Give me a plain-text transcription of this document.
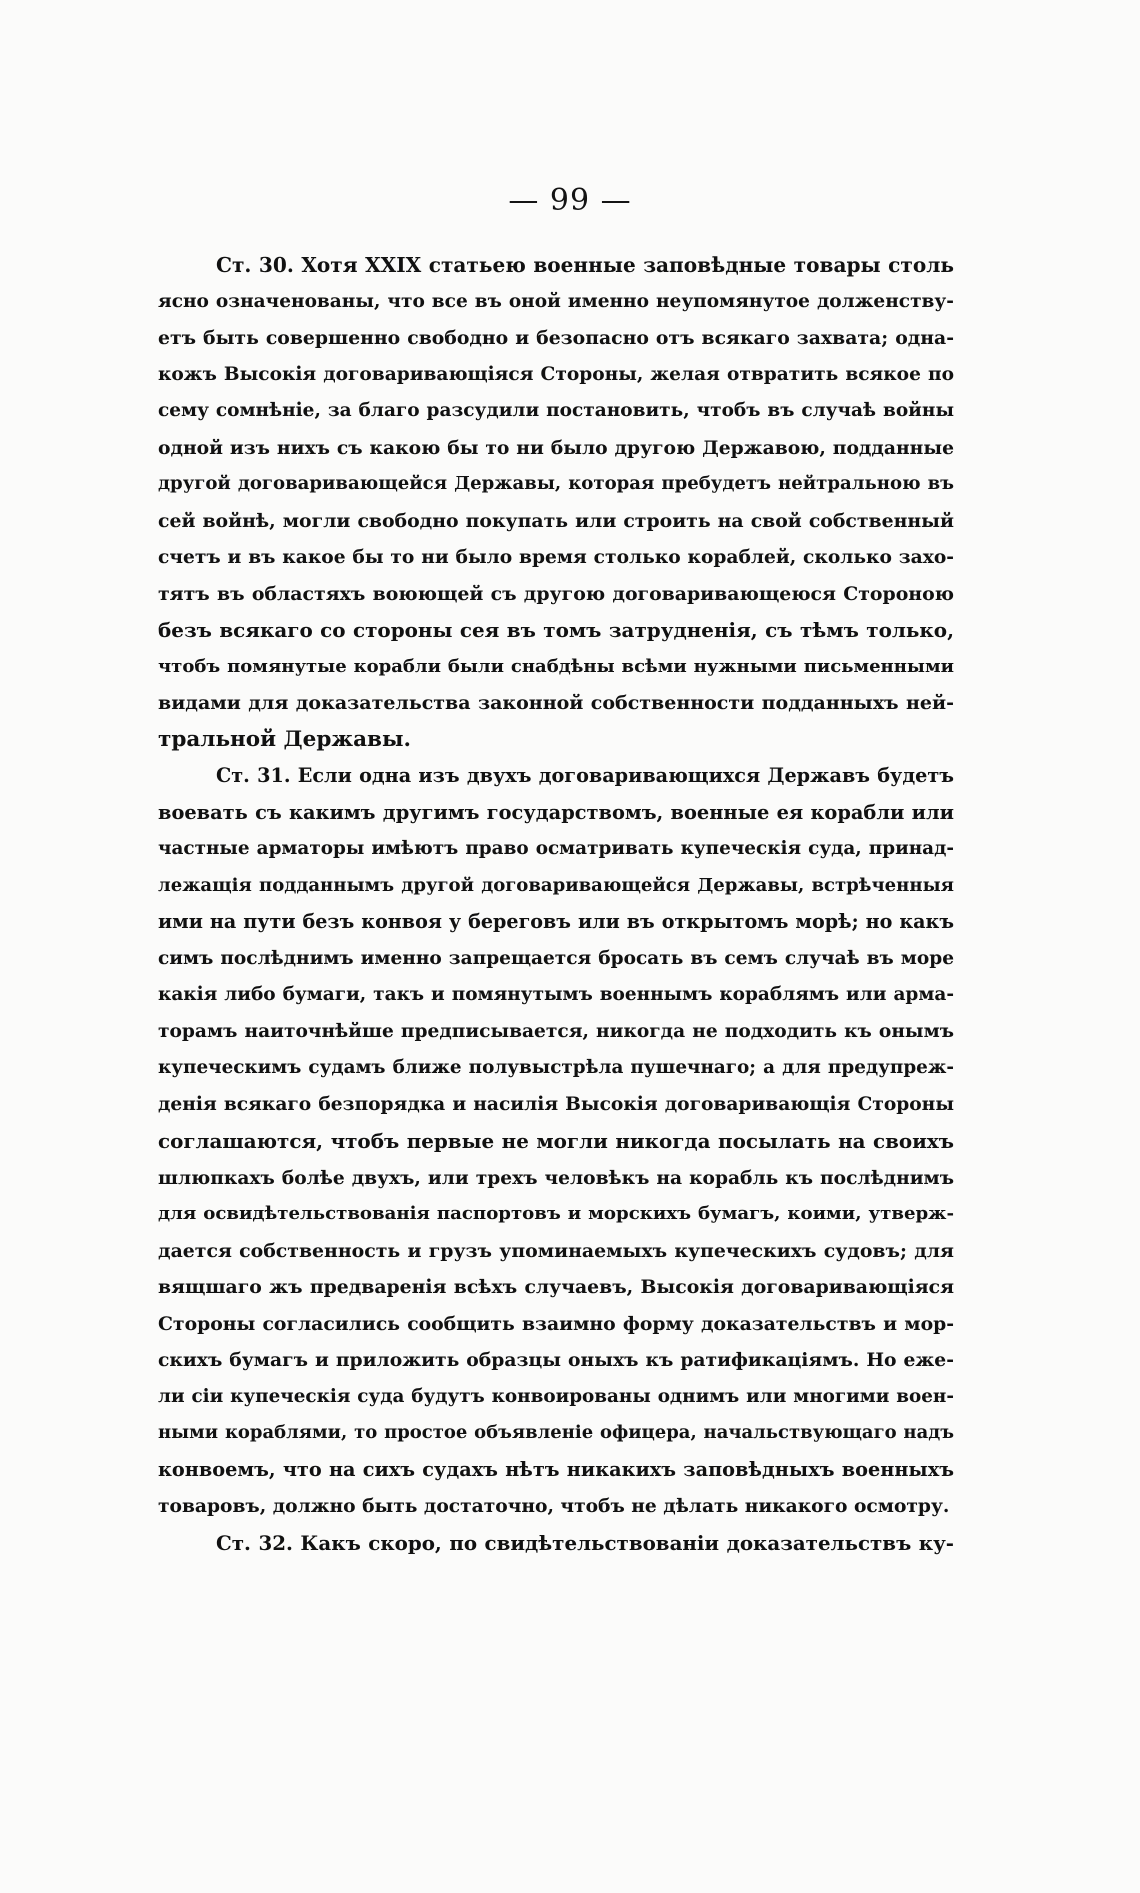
— 99 —
Ст. 30. Хотя XXIX статьею военные заповѣдные товары столь
ясно означенованы, что все въ оной именно неупомянутое долженству-
етъ быть совершенно свободно и безопасно отъ всякаго захвата; одна-
кожъ Высокія договаривающіяся Стороны, желая отвратить всякое по
сему сомнѣніе, за благо разсудили постановить, чтобъ въ случаѣ войны
одной изъ нихъ съ какою бы то ни было другою Державою, подданные
другой договаривающейся Державы, которая пребудетъ нейтральною въ
сей войнѣ, могли свободно покупать или строить на свой собственный
счетъ и въ какое бы то ни было время столько кораблей, сколько захо-
тятъ въ областяхъ воюющей съ другою договаривающеюся Стороною
безъ всякаго со стороны сея въ томъ затрудненія, съ тѣмъ только,
чтобъ помянутые корабли были снабдѣны всѣми нужными письменными
видами для доказательства законной собственности подданныхъ ней-
тральной Державы.
Ст. 31. Если одна изъ двухъ договаривающихся Державъ будетъ
воевать съ какимъ другимъ государствомъ, военные ея корабли или
частные арматоры имѣютъ право осматривать купеческія суда, принад-
лежащія подданнымъ другой договаривающейся Державы, встрѣченныя
ими на пути безъ конвоя у береговъ или въ открытомъ морѣ; но какъ
симъ послѣднимъ именно запрещается бросать въ семъ случаѣ въ море
какія либо бумаги, такъ и помянутымъ военнымъ кораблямъ или арма-
торамъ наиточнѣйше предписывается, никогда не подходить къ онымъ
купеческимъ судамъ ближе полувыстрѣла пушечнаго; а для предупреж-
денія всякаго безпорядка и насилія Высокія договаривающія Стороны
соглашаются, чтобъ первые не могли никогда посылать на своихъ
шлюпкахъ болѣе двухъ, или трехъ человѣкъ на корабль къ послѣднимъ
для освидѣтельствованія паспортовъ и морскихъ бумагъ, коими, утверж-
дается собственность и грузъ упоминаемыхъ купеческихъ судовъ; для
вящшаго жъ предваренія всѣхъ случаевъ, Высокія договаривающіяся
Стороны согласились сообщить взаимно форму доказательствъ и мор-
скихъ бумагъ и приложить образцы оныхъ къ ратификаціямъ. Но еже-
ли сіи купеческія суда будутъ конвоированы однимъ или многими воен-
ными кораблями, то простое объявленіе офицера, начальствующаго надъ
конвоемъ, что на сихъ судахъ нѣтъ никакихъ заповѣдныхъ военныхъ
товаровъ, должно быть достаточно, чтобъ не дѣлать никакого осмотру.
Ст. 32. Какъ скоро, по свидѣтельствованіи доказательствъ ку-
